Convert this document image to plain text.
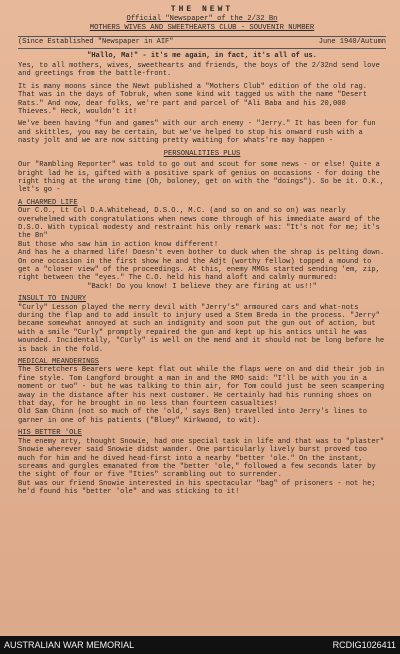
THE NEWT
Official "Newspaper" of the 2/32 Bn
MOTHERS WIVES AND SWEETHEARTS CLUB - SOUVENIR NUMBER
(Since Established "Newspaper in AIF"	June 1940/Autumn
"Hallo, Ma!" - it's me again, in fact, it's all of us.

Yes, to all mothers, wives, sweethearts and friends, the boys of the 2/32nd send love and greetings from the battle-front.

It is many moons since the Newt published a "Mothers Club" edition of the old rag. That was in the days of Tobruk, when some kind wit tagged us with the name "Desert Rats." And now, dear folks, we're part and parcel of "Ali Baba and his 20,000 Thieves." Heck, wouldn't it!

We've been having "fun and games" with our arch enemy - "Jerry." It has been for fun and skittles, you may be certain, but we've helped to stop his onward rush with a nasty jolt and we are now sitting pretty waiting for whats're may happen -

PERSONALITIES PLUS

Our "Rambling Reporter" was told to go out and scout for some news - or else! Quite a bright lad he is, gifted with a positive spark of genius on occasions - for doing the right thing at the wrong time (Oh, boloney, get on with the "doings"). So be it. O.K., let's go -

A CHARMED LIFE

Our C.O., Lt Col D.A.Whitehead, D.S.O., M.C. (and so on and so on) was nearly overwhelmed with congratulations when news come through of his immediate award of the D.S.O. With typical modesty and restraint his only remark was: "It's not for me; it's the Bn"

But those who saw him in action know different!

And has he a charmed life! Doesn't even bother to duck when the shrap is pelting down. On one occasion in the first show he and the Adjt (worthy fellow) topped a mound to get a "closer view" of the proceedings. At this, enemy MMGs started sending 'em, zip, right between the "eyes." The C.O. held his hand aloft and calmly murmured:

"Back! Do you know! I believe they are firing at us!!"

INSULT TO INJURY

"Curly" Lesson played the merry devil with "Jerry's" armoured cars and what-nots during the flap and to add insult to injury used a Stem Breda in the process. "Jerry" became somewhat annoyed at such an indignity and soon put the gun out of action, but with a smile "Curly" promptly repaired the gun and kept up his antics until he was wounded. Incidentally, "Curly" is well on the mend and it should not be long before he is back in the fold.

MEDICAL MEANDERINGS

The Stretchers Bearers were kept flat out while the flaps were on and did their job in fine style. Tom Langford brought a man in and the RMO said: "I'll be with you in a moment or two" - but he was talking to thin air, for Tom could just be seen scampering away in the distance after his next customer. He certainly had his running shoes on that day, for he brought in no less than fourteen casualties!

Old Sam Chinn (not so much of the 'old,' says Ben) travelled into Jerry's lines to garner in one of his patients ("Bluey" Kirkwood, to wit).

HIS BETTER 'OLE

The enemy arty, thought Snowie, had one special task in life and that was to "plaster" Snowie wherever said Snowie didst wander. One particularly lively burst proved too much for him and he dived head-first into a nearby "better 'ole." On the instant, screams and gurgles emanated from the "better 'ole," followed a few seconds later by the sight of four or five "Ities" scrambling out to surrender.

But was our friend Snowie interested in his spectacular "bag" of prisoners - not he; he'd found his "better 'ole" and was sticking to it!

AUSTRALIAN WAR MEMORIAL	RCDIG1026411
